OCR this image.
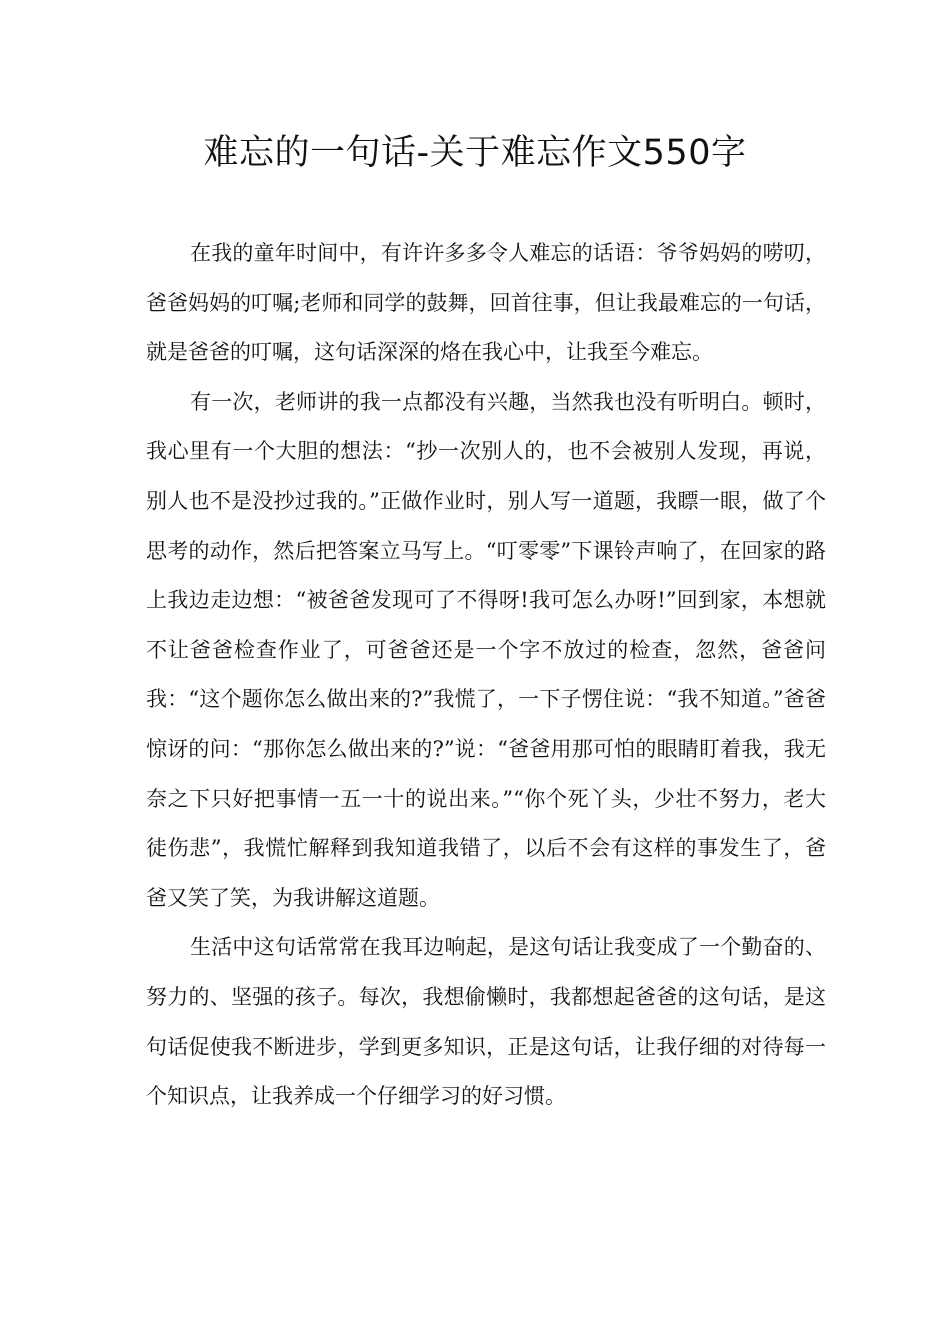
难忘的一句话-关于难忘作文550字

在我的童年时间中，有许许多多令人难忘的话语：爷爷妈妈的唠叨，爸爸妈妈的叮嘱;老师和同学的鼓舞，回首往事，但让我最难忘的一句话，就是爸爸的叮嘱，这句话深深的烙在我心中，让我至今难忘。

有一次，老师讲的我一点都没有兴趣，当然我也没有听明白。顿时，我心里有一个大胆的想法：“抄一次别人的，也不会被别人发现，再说，别人也不是没抄过我的。”正做作业时，别人写一道题，我瞟一眼，做了个思考的动作，然后把答案立马写上。“叮零零”下课铃声响了，在回家的路上我边走边想：“被爸爸发现可了不得呀!我可怎么办呀!”回到家，本想就不让爸爸检查作业了，可爸爸还是一个字不放过的检查，忽然，爸爸问我：“这个题你怎么做出来的?”我慌了，一下子愣住说：“我不知道。”爸爸惊讶的问：“那你怎么做出来的?”说：“爸爸用那可怕的眼睛盯着我，我无奈之下只好把事情一五一十的说出来。”“你个死丫头，少壮不努力，老大徒伤悲”，我慌忙解释到我知道我错了，以后不会有这样的事发生了，爸爸又笑了笑，为我讲解这道题。

生活中这句话常常在我耳边响起，是这句话让我变成了一个勤奋的、努力的、坚强的孩子。每次，我想偷懒时，我都想起爸爸的这句话，是这句话促使我不断进步，学到更多知识，正是这句话，让我仔细的对待每一个知识点，让我养成一个仔细学习的好习惯。
